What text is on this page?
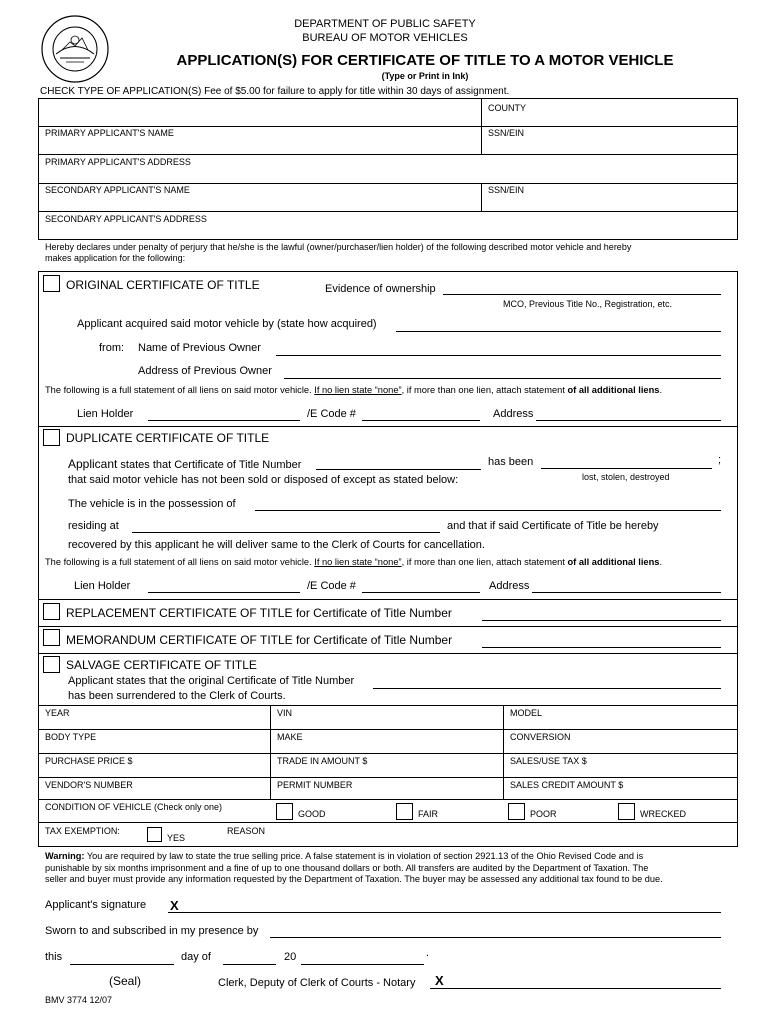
DEPARTMENT OF PUBLIC SAFETY
BUREAU OF MOTOR VEHICLES
APPLICATION(S) FOR CERTIFICATE OF TITLE TO A MOTOR VEHICLE
(Type or Print in Ink)
CHECK TYPE OF APPLICATION(S) Fee of $5.00 for failure to apply for title within 30 days of assignment.
COUNTY
PRIMARY APPLICANT'S NAME	SSN/EIN
PRIMARY APPLICANT'S ADDRESS
SECONDARY APPLICANT'S NAME	SSN/EIN
SECONDARY APPLICANT'S ADDRESS
Hereby declares under penalty of perjury that he/she is the lawful (owner/purchaser/lien holder) of the following described motor vehicle and hereby
makes application for the following:
ORIGINAL CERTIFICATE OF TITLE	Evidence of ownership
MCO, Previous Title No., Registration, etc.
Applicant acquired said motor vehicle by (state how acquired)
from: Name of Previous Owner
Address of Previous Owner
The following is a full statement of all liens on said motor vehicle. If no lien state “none”, if more than one lien, attach statement of all additional liens.
Lien Holder	/E Code #	Address
DUPLICATE CERTIFICATE OF TITLE
Applicant states that Certificate of Title Number	has been	;
lost, stolen, destroyed
that said motor vehicle has not been sold or disposed of except as stated below:
The vehicle is in the possession of
residing at	and that if said Certificate of Title be hereby
recovered by this applicant he will deliver same to the Clerk of Courts for cancellation.
The following is a full statement of all liens on said motor vehicle. If no lien state “none”, if more than one lien, attach statement of all additional liens.
Lien Holder	/E Code #	Address
REPLACEMENT CERTIFICATE OF TITLE for Certificate of Title Number
MEMORANDUM CERTIFICATE OF TITLE for Certificate of Title Number
SALVAGE CERTIFICATE OF TITLE
Applicant states that the original Certificate of Title Number
has been surrendered to the Clerk of Courts.
YEAR	VIN	MODEL
BODY TYPE	MAKE	CONVERSION
PURCHASE PRICE $	TRADE IN AMOUNT $	SALES/USE TAX $
VENDOR'S NUMBER	PERMIT NUMBER	SALES CREDIT AMOUNT $
CONDITION OF VEHICLE (Check only one)
GOOD	FAIR	POOR	WRECKED
TAX EXEMPTION:
YES
REASON
Warning: You are required by law to state the true selling price. A false statement is in violation of section 2921.13 of the Ohio Revised Code and is
punishable by six months imprisonment and a fine of up to one thousand dollars or both. All transfers are audited by the Department of Taxation. The
seller and buyer must provide any information requested by the Department of Taxation. The buyer may be assessed any additional tax found to be due.
Applicant's signature X
Sworn to and subscribed in my presence by
this	day of	20	.
(Seal)	Clerk, Deputy of Clerk of Courts - Notary X
BMV 3774 12/07
